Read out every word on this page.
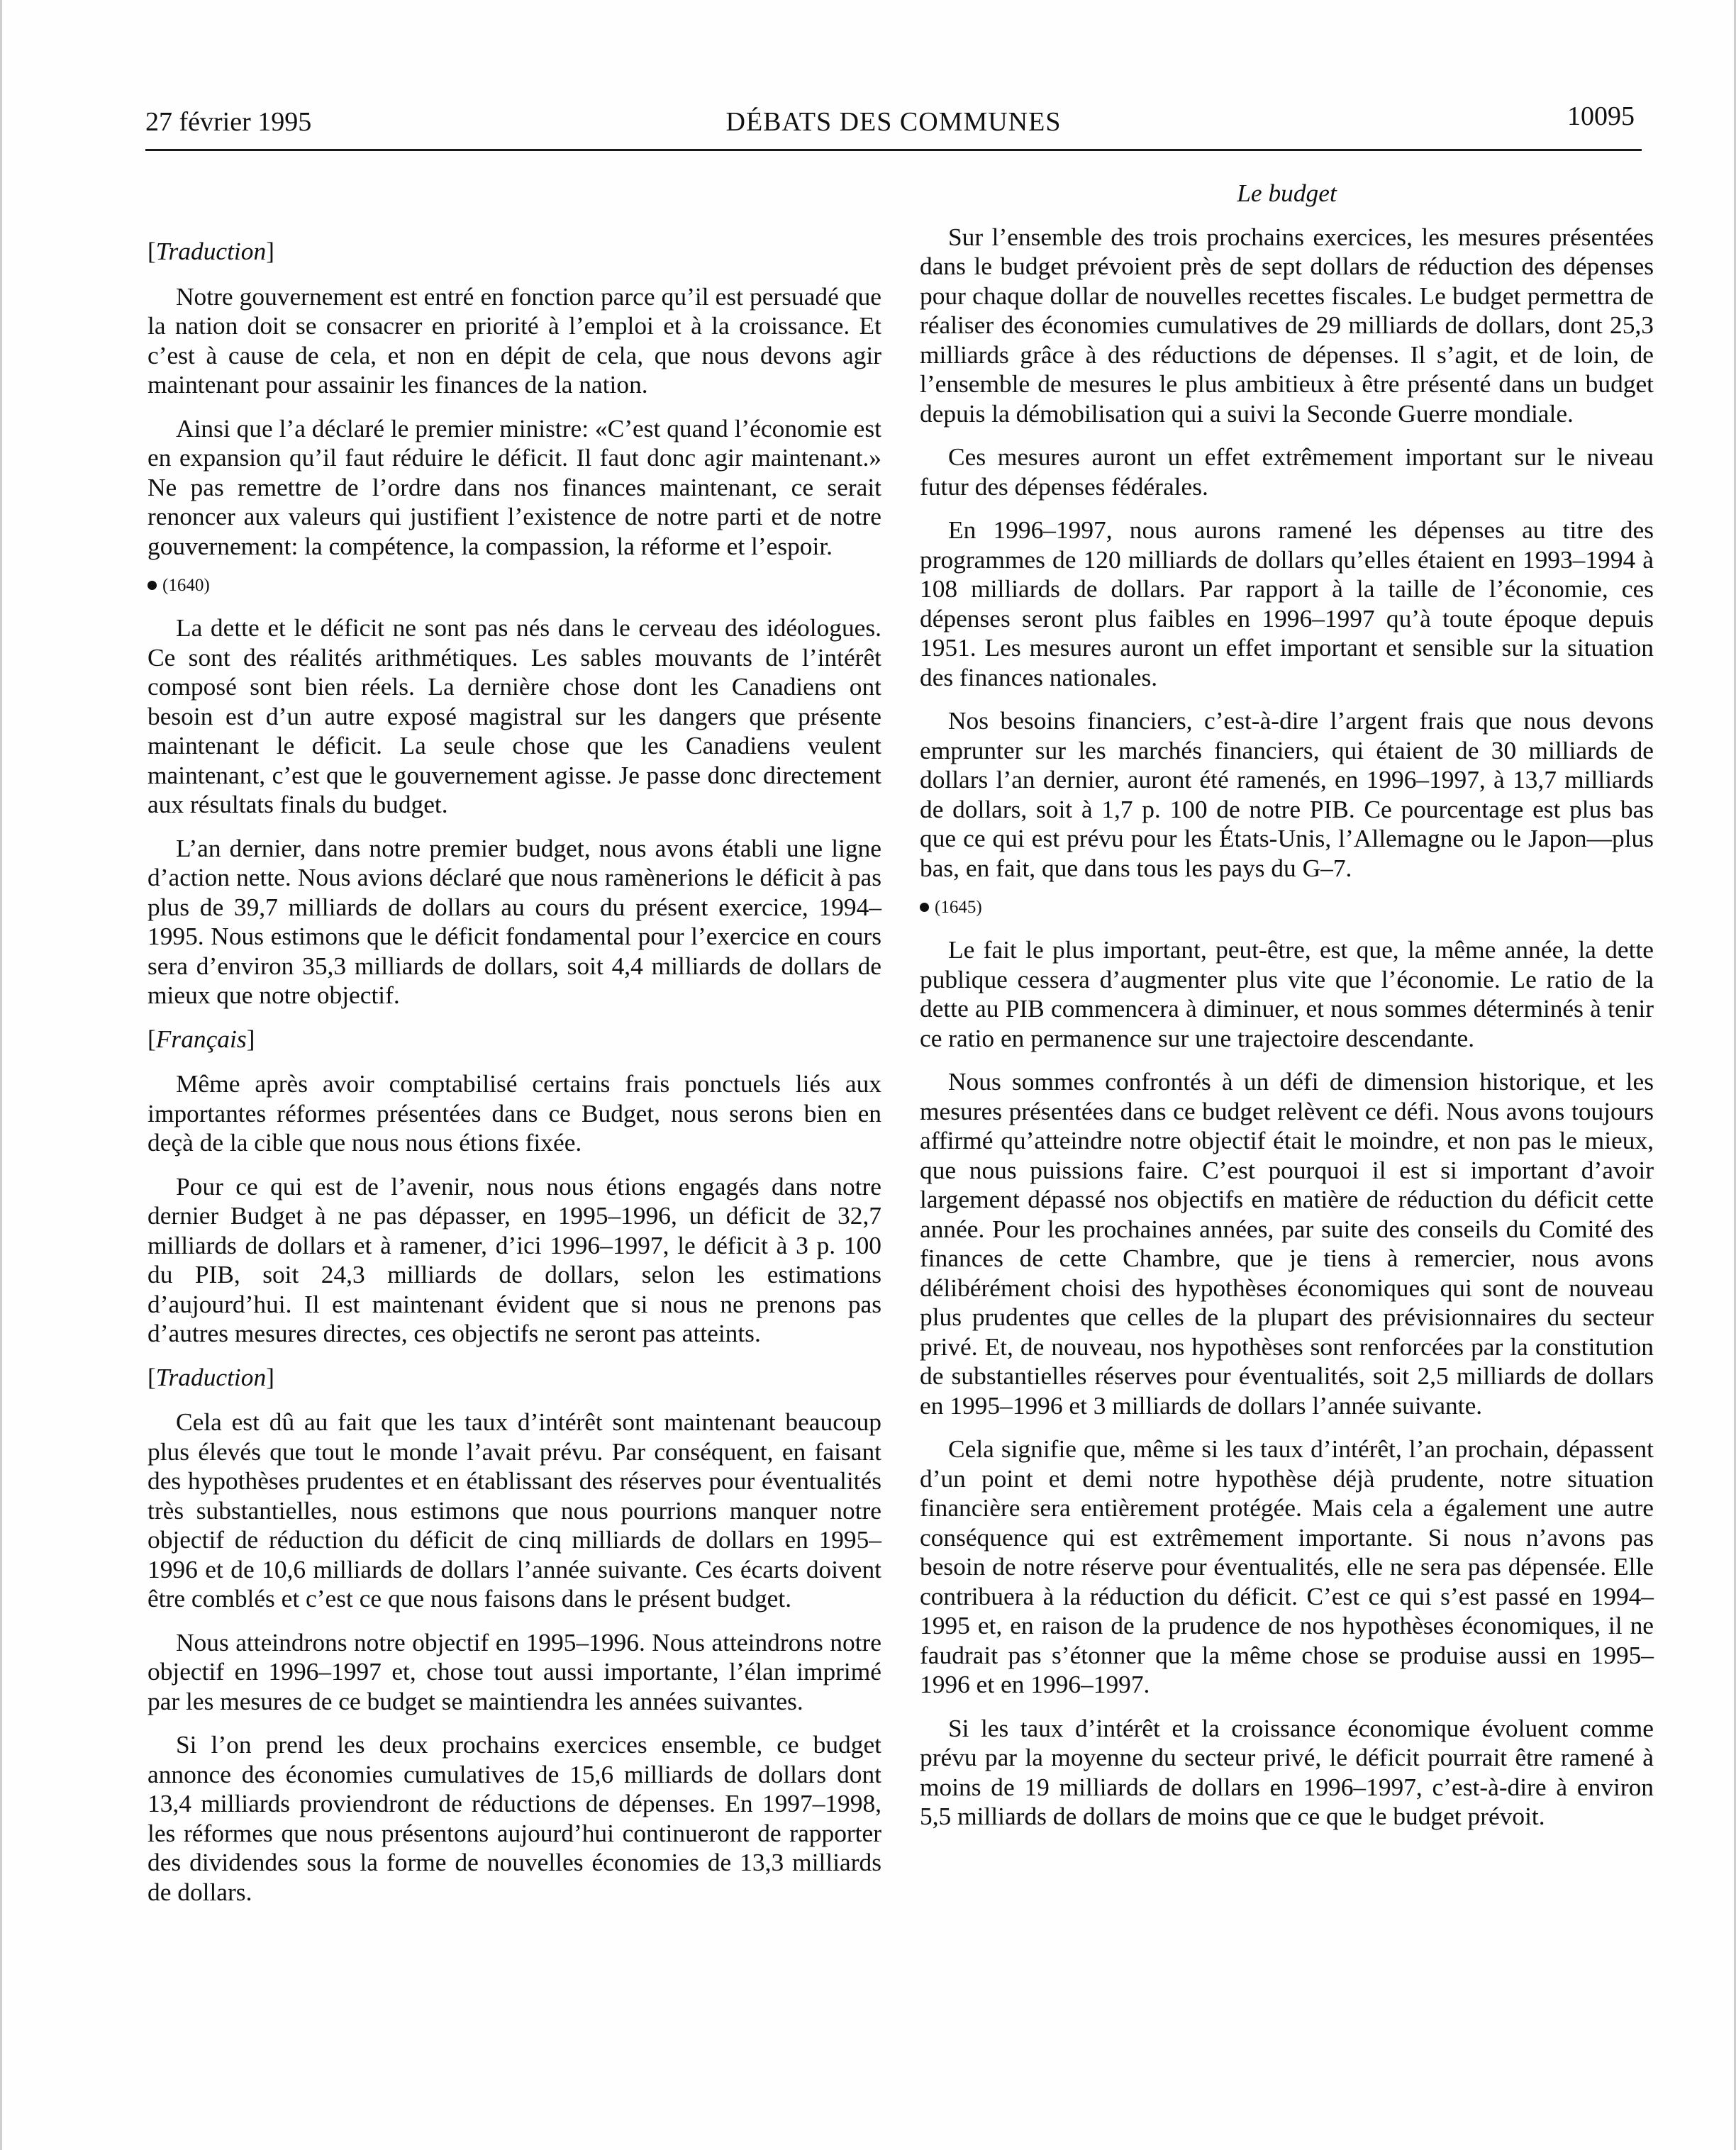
27 février 1995	DÉBATS DES COMMUNES	10095
[Traduction]

Notre gouvernement est entré en fonction parce qu’il est persuadé que la nation doit se consacrer en priorité à l’emploi et à la croissance. Et c’est à cause de cela, et non en dépit de cela, que nous devons agir maintenant pour assainir les finances de la nation.

Ainsi que l’a déclaré le premier ministre: «C’est quand l’économie est en expansion qu’il faut réduire le déficit. Il faut donc agir maintenant.» Ne pas remettre de l’ordre dans nos finances maintenant, ce serait renoncer aux valeurs qui justifient l’existence de notre parti et de notre gouvernement: la compétence, la compassion, la réforme et l’espoir.

(1640)

La dette et le déficit ne sont pas nés dans le cerveau des idéologues. Ce sont des réalités arithmétiques. Les sables mouvants de l’intérêt composé sont bien réels. La dernière chose dont les Canadiens ont besoin est d’un autre exposé magistral sur les dangers que présente maintenant le déficit. La seule chose que les Canadiens veulent maintenant, c’est que le gouvernement agisse. Je passe donc directement aux résultats finals du budget.

L’an dernier, dans notre premier budget, nous avons établi une ligne d’action nette. Nous avions déclaré que nous ramènerions le déficit à pas plus de 39,7 milliards de dollars au cours du présent exercice, 1994–1995. Nous estimons que le déficit fondamental pour l’exercice en cours sera d’environ 35,3 milliards de dollars, soit 4,4 milliards de dollars de mieux que notre objectif.

[Français]

Même après avoir comptabilisé certains frais ponctuels liés aux importantes réformes présentées dans ce Budget, nous serons bien en deçà de la cible que nous nous étions fixée.

Pour ce qui est de l’avenir, nous nous étions engagés dans notre dernier Budget à ne pas dépasser, en 1995–1996, un déficit de 32,7 milliards de dollars et à ramener, d’ici 1996–1997, le déficit à 3 p. 100 du PIB, soit 24,3 milliards de dollars, selon les estimations d’aujourd’hui. Il est maintenant évident que si nous ne prenons pas d’autres mesures directes, ces objectifs ne seront pas atteints.

[Traduction]

Cela est dû au fait que les taux d’intérêt sont maintenant beaucoup plus élevés que tout le monde l’avait prévu. Par conséquent, en faisant des hypothèses prudentes et en établissant des réserves pour éventualités très substantielles, nous estimons que nous pourrions manquer notre objectif de réduction du déficit de cinq milliards de dollars en 1995–1996 et de 10,6 milliards de dollars l’année suivante. Ces écarts doivent être comblés et c’est ce que nous faisons dans le présent budget.

Nous atteindrons notre objectif en 1995–1996. Nous atteindrons notre objectif en 1996–1997 et, chose tout aussi importante, l’élan imprimé par les mesures de ce budget se maintiendra les années suivantes.

Si l’on prend les deux prochains exercices ensemble, ce budget annonce des économies cumulatives de 15,6 milliards de dollars dont 13,4 milliards proviendront de réductions de dépenses. En 1997–1998, les réformes que nous présentons aujourd’hui continueront de rapporter des dividendes sous la forme de nouvelles économies de 13,3 milliards de dollars.

Le budget

Sur l’ensemble des trois prochains exercices, les mesures présentées dans le budget prévoient près de sept dollars de réduction des dépenses pour chaque dollar de nouvelles recettes fiscales. Le budget permettra de réaliser des économies cumulatives de 29 milliards de dollars, dont 25,3 milliards grâce à des réductions de dépenses. Il s’agit, et de loin, de l’ensemble de mesures le plus ambitieux à être présenté dans un budget depuis la démobilisation qui a suivi la Seconde Guerre mondiale.

Ces mesures auront un effet extrêmement important sur le niveau futur des dépenses fédérales.

En 1996–1997, nous aurons ramené les dépenses au titre des programmes de 120 milliards de dollars qu’elles étaient en 1993–1994 à 108 milliards de dollars. Par rapport à la taille de l’économie, ces dépenses seront plus faibles en 1996–1997 qu’à toute époque depuis 1951. Les mesures auront un effet important et sensible sur la situation des finances nationales.

Nos besoins financiers, c’est-à-dire l’argent frais que nous devons emprunter sur les marchés financiers, qui étaient de 30 milliards de dollars l’an dernier, auront été ramenés, en 1996–1997, à 13,7 milliards de dollars, soit à 1,7 p. 100 de notre PIB. Ce pourcentage est plus bas que ce qui est prévu pour les États-Unis, l’Allemagne ou le Japon—plus bas, en fait, que dans tous les pays du G–7.

(1645)

Le fait le plus important, peut-être, est que, la même année, la dette publique cessera d’augmenter plus vite que l’économie. Le ratio de la dette au PIB commencera à diminuer, et nous sommes déterminés à tenir ce ratio en permanence sur une trajectoire descendante.

Nous sommes confrontés à un défi de dimension historique, et les mesures présentées dans ce budget relèvent ce défi. Nous avons toujours affirmé qu’atteindre notre objectif était le moindre, et non pas le mieux, que nous puissions faire. C’est pourquoi il est si important d’avoir largement dépassé nos objectifs en matière de réduction du déficit cette année. Pour les prochaines années, par suite des conseils du Comité des finances de cette Chambre, que je tiens à remercier, nous avons délibérément choisi des hypothèses économiques qui sont de nouveau plus prudentes que celles de la plupart des prévisionnaires du secteur privé. Et, de nouveau, nos hypothèses sont renforcées par la constitution de substantielles réserves pour éventualités, soit 2,5 milliards de dollars en 1995–1996 et 3 milliards de dollars l’année suivante.

Cela signifie que, même si les taux d’intérêt, l’an prochain, dépassent d’un point et demi notre hypothèse déjà prudente, notre situation financière sera entièrement protégée. Mais cela a également une autre conséquence qui est extrêmement importante. Si nous n’avons pas besoin de notre réserve pour éventualités, elle ne sera pas dépensée. Elle contribuera à la réduction du déficit. C’est ce qui s’est passé en 1994–1995 et, en raison de la prudence de nos hypothèses économiques, il ne faudrait pas s’étonner que la même chose se produise aussi en 1995–1996 et en 1996–1997.

Si les taux d’intérêt et la croissance économique évoluent comme prévu par la moyenne du secteur privé, le déficit pourrait être ramené à moins de 19 milliards de dollars en 1996–1997, c’est-à-dire à environ 5,5 milliards de dollars de moins que ce que le budget prévoit.
